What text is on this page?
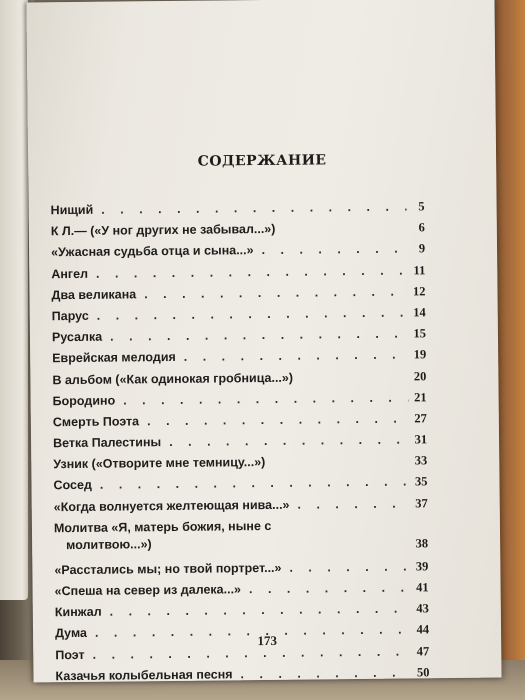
СОДЕРЖАНИЕ
Нищий . . .	5
К Л.— («У ног других не забывал...»)	6
«Ужасная судьба отца и сына...» . . .	9
Ангел . . .	11
Два великана . . .	12
Парус . . .	14
Русалка . . .	15
Еврейская мелодия . . .	19
В альбом («Как одинокая гробница...»)	20
Бородино . . .	21
Смерть Поэта . . .	27
Ветка Палестины . . .	31
Узник («Отворите мне темницу...»)	33
Сосед . . .	35
«Когда волнуется желтеющая нива...» . . .	37
Молитва «Я, матерь божия, ныне с
молитвою...»)	38
«Расстались мы; но твой портрет...» . . .	39
«Спеша на север из далека...» . . .	41
Кинжал . . .	43
Дума . . .	44
Поэт . . .	47
Казачья колыбельная песня . . .	50
173
